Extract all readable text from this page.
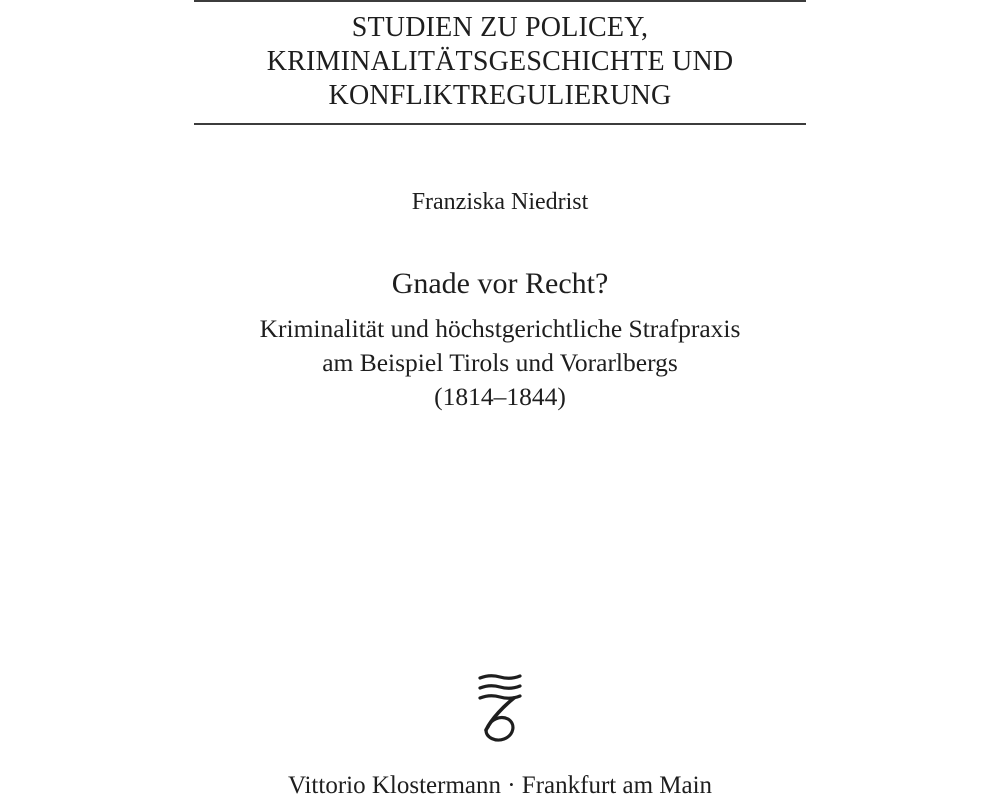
STUDIEN ZU POLICEY,
KRIMINALITÄTSGESCHICHTE UND
KONFLIKTREGULIERUNG
Franziska Niedrist
Gnade vor Recht?
Kriminalität und höchstgerichtliche Strafpraxis
am Beispiel Tirols und Vorarlbergs
(1814–1844)
Vittorio Klostermann · Frankfurt am Main
